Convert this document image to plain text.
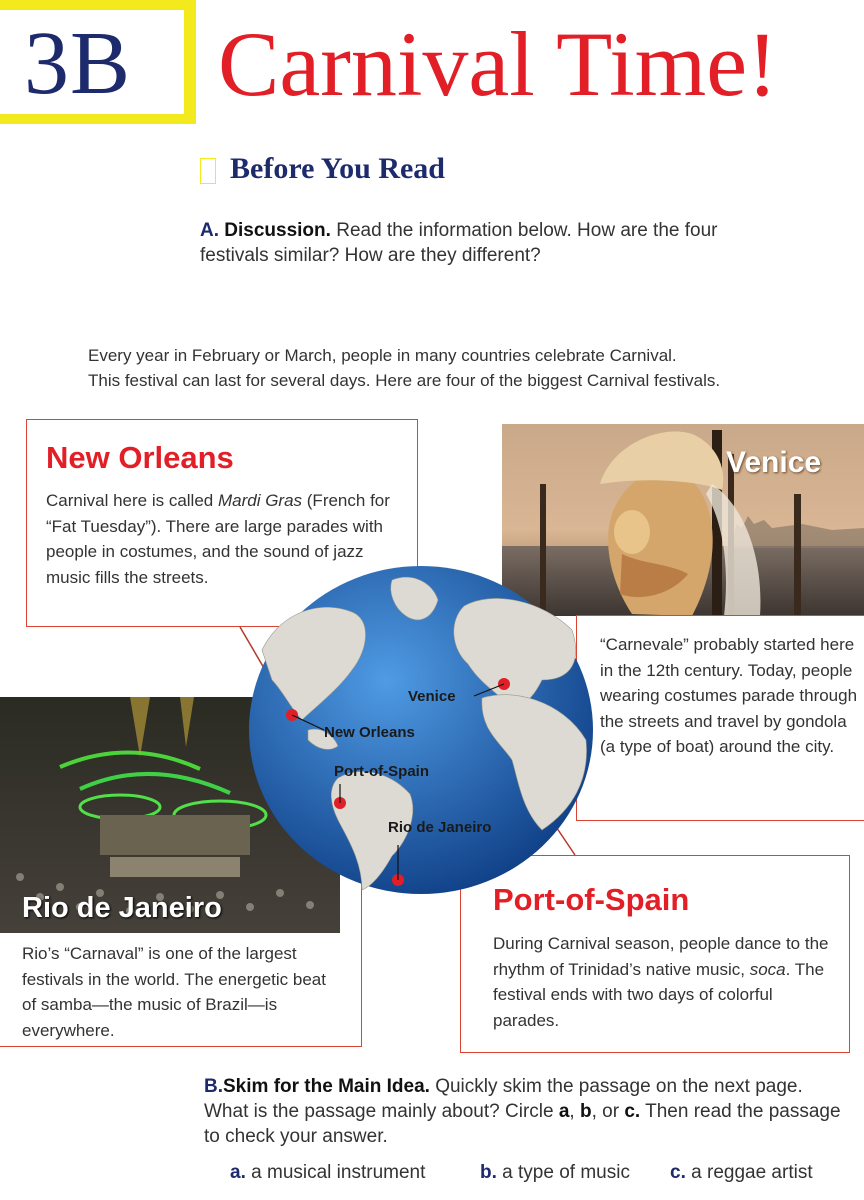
3B Carnival Time!
Before You Read
A. Discussion. Read the information below. How are the four festivals similar? How are they different?
Every year in February or March, people in many countries celebrate Carnival.
This festival can last for several days. Here are four of the biggest Carnival festivals.
New Orleans
Carnival here is called Mardi Gras (French for “Fat Tuesday”). There are large parades with people in costumes, and the sound of jazz music fills the streets.
Venice
“Carnevale” probably started here in the 12th century. Today, people wearing costumes parade through the streets and travel by gondola (a type of boat) around the city.
Rio de Janeiro
Rio’s “Carnaval” is one of the largest festivals in the world. The energetic beat of samba—the music of Brazil—is everywhere.
Port-of-Spain
During Carnival season, people dance to the rhythm of Trinidad’s native music, soca. The festival ends with two days of colorful parades.
Venice
New Orleans
Port-of-Spain
Rio de Janeiro
B.Skim for the Main Idea. Quickly skim the passage on the next page. What is the passage mainly about? Circle a, b, or c. Then read the passage to check your answer.
a. a musical instrument	b. a type of music c. a reggae artist
